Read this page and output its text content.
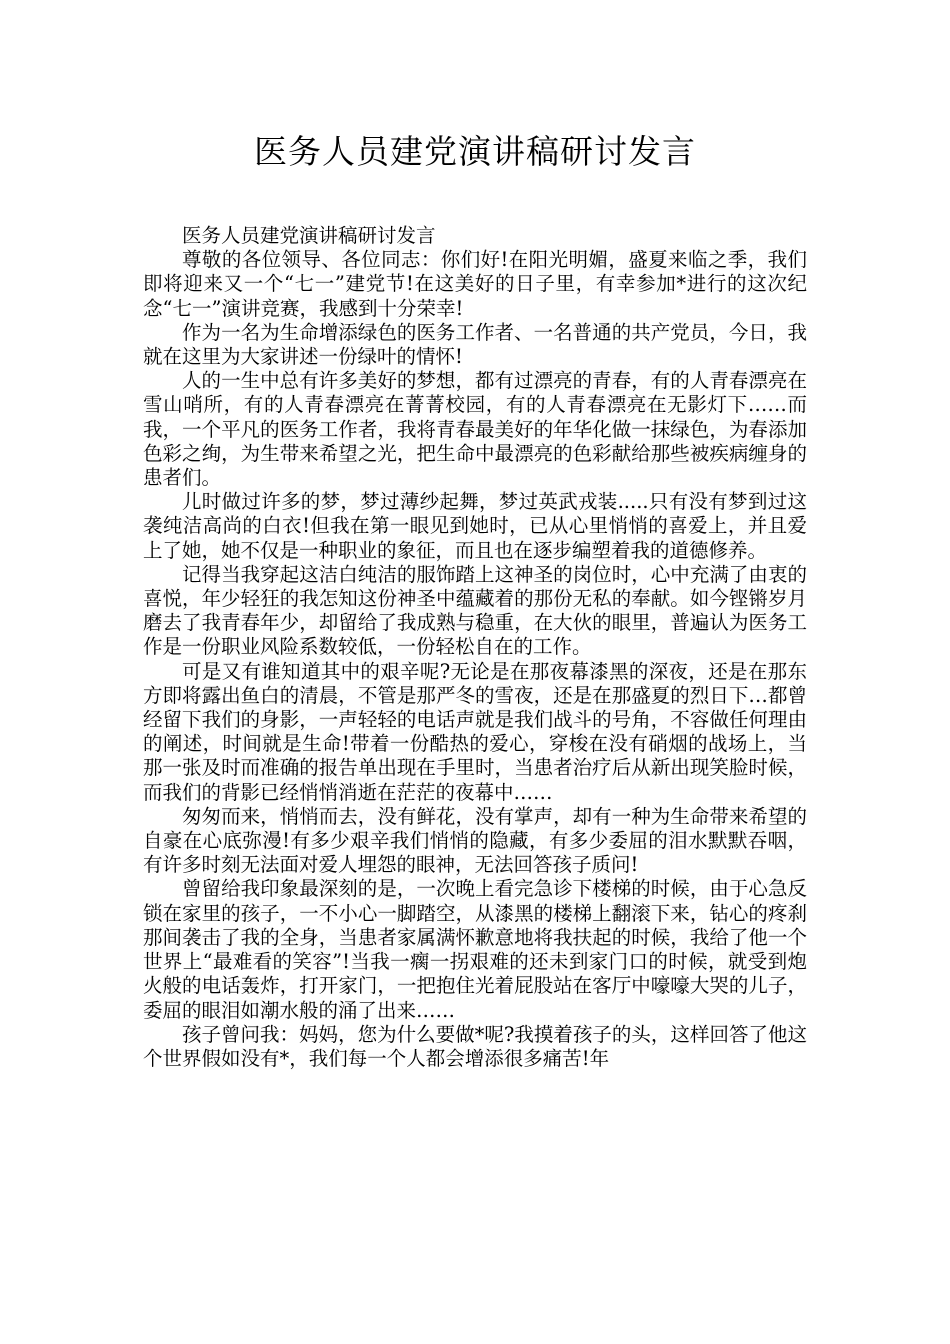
医务人员建党演讲稿研讨发言

医务人员建党演讲稿研讨发言

尊敬的各位领导、各位同志：你们好!在阳光明媚，盛夏来临之季，我们即将迎来又一个“七一”建党节!在这美好的日子里，有幸参加*进行的这次纪念“七一”演讲竞赛，我感到十分荣幸!

作为一名为生命增添绿色的医务工作者、一名普通的共产党员，今日，我就在这里为大家讲述一份绿叶的情怀!

人的一生中总有许多美好的梦想，都有过漂亮的青春，有的人青春漂亮在雪山哨所，有的人青春漂亮在菁菁校园，有的人青春漂亮在无影灯下……而我，一个平凡的医务工作者，我将青春最美好的年华化做一抹绿色，为春添加色彩之绚，为生带来希望之光，把生命中最漂亮的色彩献给那些被疾病缠身的患者们。

儿时做过许多的梦，梦过薄纱起舞，梦过英武戎装.....只有没有梦到过这袭纯洁高尚的白衣!但我在第一眼见到她时，已从心里悄悄的喜爱上，并且爱上了她，她不仅是一种职业的象征，而且也在逐步编塑着我的道德修养。

记得当我穿起这洁白纯洁的服饰踏上这神圣的岗位时，心中充满了由衷的喜悦，年少轻狂的我怎知这份神圣中蕴藏着的那份无私的奉献。如今铿锵岁月磨去了我青春年少，却留给了我成熟与稳重，在大伙的眼里，普遍认为医务工作是一份职业风险系数较低，一份轻松自在的工作。

可是又有谁知道其中的艰辛呢?无论是在那夜幕漆黑的深夜，还是在那东方即将露出鱼白的清晨，不管是那严冬的雪夜，还是在那盛夏的烈日下…都曾经留下我们的身影，一声轻轻的电话声就是我们战斗的号角，不容做任何理由的阐述，时间就是生命!带着一份酷热的爱心，穿梭在没有硝烟的战场上，当那一张及时而准确的报告单出现在手里时，当患者治疗后从新出现笑脸时候，而我们的背影已经悄悄消逝在茫茫的夜幕中……

匆匆而来，悄悄而去，没有鲜花，没有掌声，却有一种为生命带来希望的自豪在心底弥漫!有多少艰辛我们悄悄的隐藏，有多少委屈的泪水默默吞咽，有许多时刻无法面对爱人埋怨的眼神，无法回答孩子质问!

曾留给我印象最深刻的是，一次晚上看完急诊下楼梯的时候，由于心急反锁在家里的孩子，一不小心一脚踏空，从漆黑的楼梯上翻滚下来，钻心的疼刹那间袭击了我的全身，当患者家属满怀歉意地将我扶起的时候，我给了他一个世界上“最难看的笑容”!当我一瘸一拐艰难的还未到家门口的时候，就受到炮火般的电话轰炸，打开家门，一把抱住光着屁股站在客厅中嚎嚎大哭的儿子，委屈的眼泪如潮水般的涌了出来……

孩子曾问我：妈妈，您为什么要做*呢?我摸着孩子的头，这样回答了他这个世界假如没有*，我们每一个人都会增添很多痛苦!年
